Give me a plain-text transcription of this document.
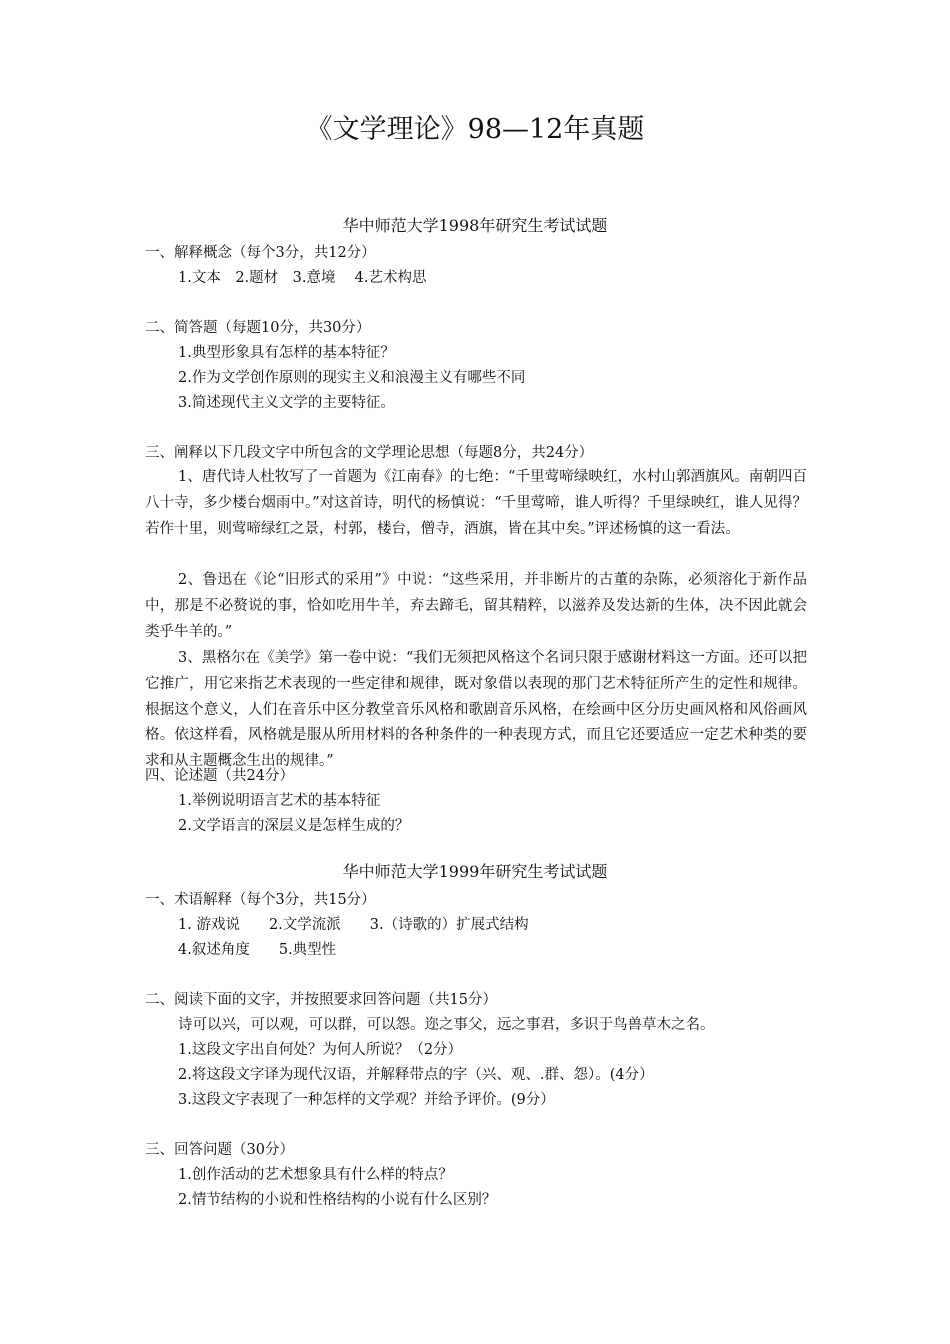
《文学理论》98—12年真题
华中师范大学1998年研究生考试试题
一、解释概念（每个3分，共12分）
1.文本　2.题材　3.意境　 4.艺术构思
二、简答题（每题10分，共30分）
1.典型形象具有怎样的基本特征？
2.作为文学创作原则的现实主义和浪漫主义有哪些不同
3.简述现代主义文学的主要特征。
三、阐释以下几段文字中所包含的文学理论思想（每题8分，共24分）
1、唐代诗人杜牧写了一首题为《江南春》的七绝：“千里莺啼绿映红，水村山郭酒旗风。南朝四百八十寺，多少楼台烟雨中。”对这首诗，明代的杨慎说：“千里莺啼，谁人听得？千里绿映红，谁人见得？若作十里，则莺啼绿红之景，村郭，楼台，僧寺，酒旗，皆在其中矣。”评述杨慎的这一看法。
2、鲁迅在《论“旧形式的采用”》中说：“这些采用，并非断片的古董的杂陈，必须溶化于新作品中，那是不必赘说的事，恰如吃用牛羊，弃去蹄毛，留其精粹，以滋养及发达新的生体，决不因此就会类乎牛羊的。”
3、黑格尔在《美学》第一卷中说：“我们无须把风格这个名词只限于感谢材料这一方面。还可以把它推广，用它来指艺术表现的一些定律和规律，既对象借以表现的那门艺术特征所产生的定性和规律。根据这个意义，人们在音乐中区分教堂音乐风格和歌剧音乐风格，在绘画中区分历史画风格和风俗画风格。依这样看，风格就是服从所用材料的各种条件的一种表现方式，而且它还要适应一定艺术种类的要求和从主题概念生出的规律。”
四、论述题（共24分）
1.举例说明语言艺术的基本特征
2.文学语言的深层义是怎样生成的？
华中师范大学1999年研究生考试试题
一、术语解释（每个3分，共15分）
1. 游戏说　　2.文学流派　　3.（诗歌的）扩展式结构
4.叙述角度　　5.典型性
二、阅读下面的文字，并按照要求回答问题（共15分）
诗可以兴，可以观，可以群，可以怨。迩之事父，远之事君，多识于鸟兽草木之名。
1.这段文字出自何处？为何人所说？（2分）
2.将这段文字译为现代汉语，并解释带点的字（兴、观、.群、怨）。(4分）
3.这段文字表现了一种怎样的文学观？并给予评价。(9分）
三、回答问题（30分）
1.创作活动的艺术想象具有什么样的特点？
2.情节结构的小说和性格结构的小说有什么区别？
